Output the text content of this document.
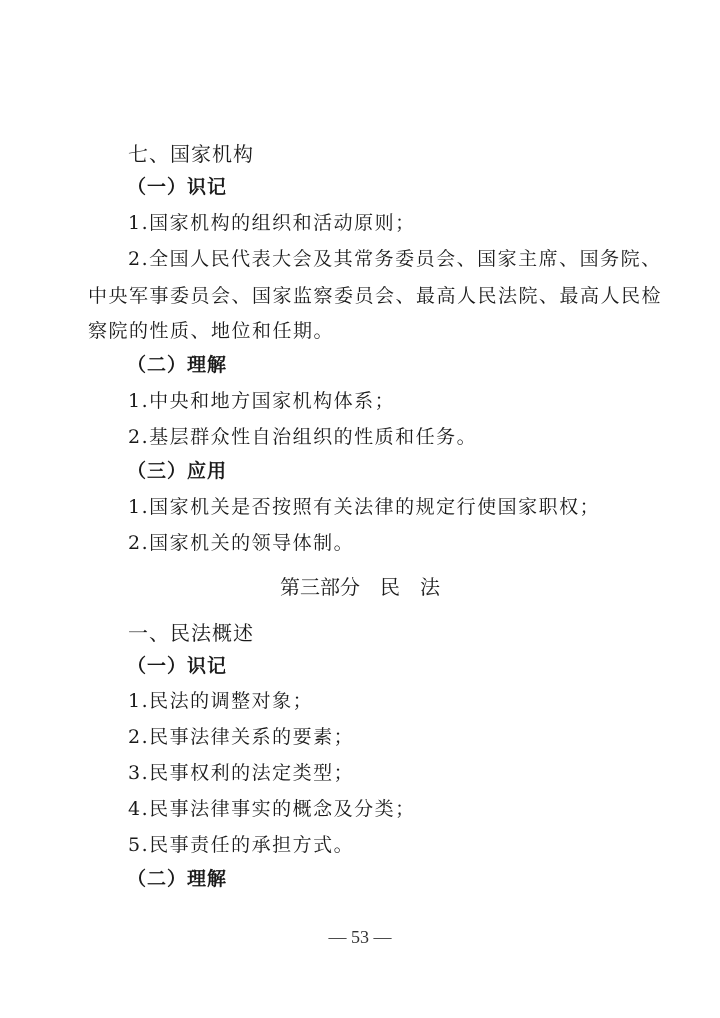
七、国家机构
（一）识记
1.国家机构的组织和活动原则；
2.全国人民代表大会及其常务委员会、国家主席、国务院、
中央军事委员会、国家监察委员会、最高人民法院、最高人民检
察院的性质、地位和任期。
（二）理解
1.中央和地方国家机构体系；
2.基层群众性自治组织的性质和任务。
（三）应用
1.国家机关是否按照有关法律的规定行使国家职权；
2.国家机关的领导体制。
第三部分　民　法
一、民法概述
（一）识记
1.民法的调整对象；
2.民事法律关系的要素；
3.民事权利的法定类型；
4.民事法律事实的概念及分类；
5.民事责任的承担方式。
（二）理解
— 53 —
